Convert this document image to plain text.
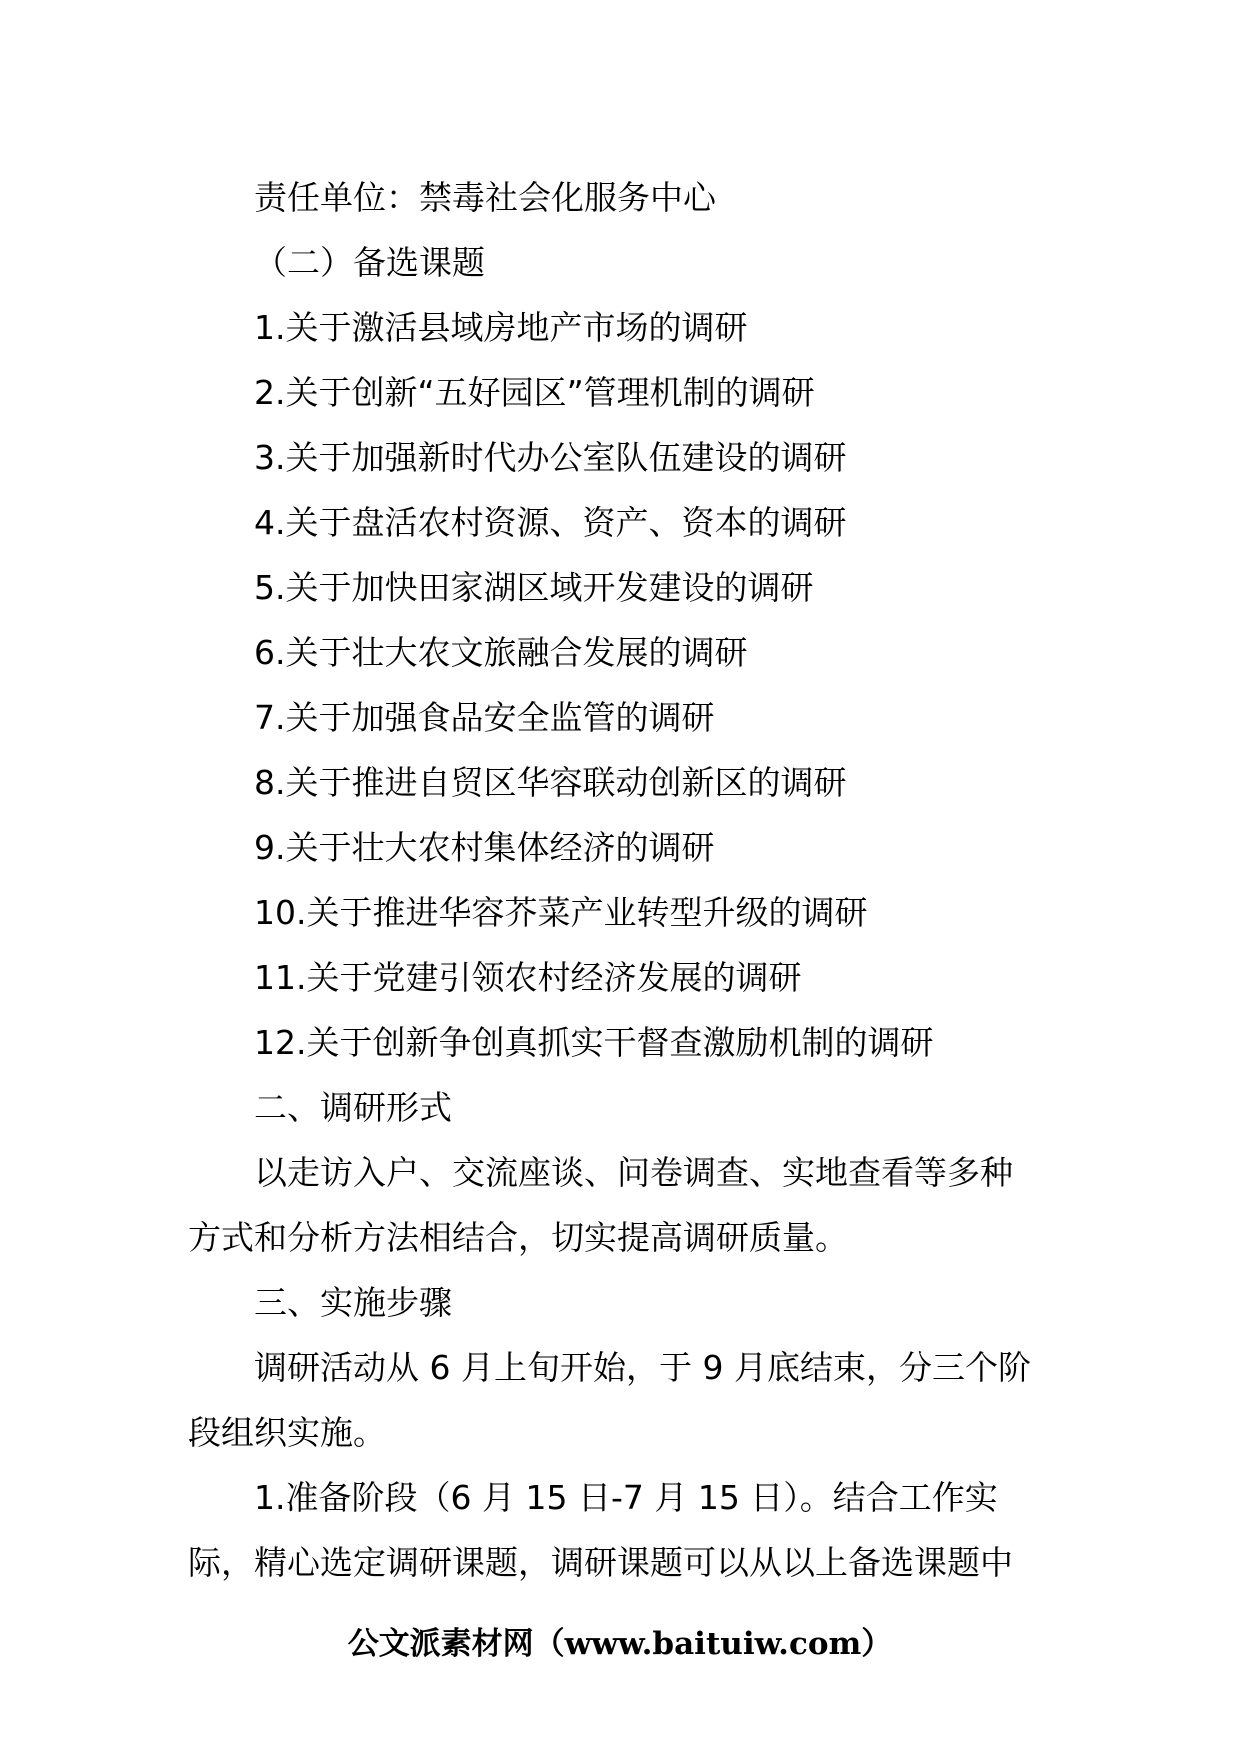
责任单位：禁毒社会化服务中心

（二）备选课题

1.关于激活县域房地产市场的调研

2.关于创新“五好园区”管理机制的调研

3.关于加强新时代办公室队伍建设的调研

4.关于盘活农村资源、资产、资本的调研

5.关于加快田家湖区域开发建设的调研

6.关于壮大农文旅融合发展的调研

7.关于加强食品安全监管的调研

8.关于推进自贸区华容联动创新区的调研

9.关于壮大农村集体经济的调研

10.关于推进华容芥菜产业转型升级的调研

11.关于党建引领农村经济发展的调研

12.关于创新争创真抓实干督查激励机制的调研

二、调研形式

以走访入户、交流座谈、问卷调查、实地查看等多种

方式和分析方法相结合，切实提高调研质量。

三、实施步骤

调研活动从 6 月上旬开始，于 9 月底结束，分三个阶

段组织实施。

1.准备阶段（6 月 15 日-7 月 15 日）。结合工作实

际，精心选定调研课题，调研课题可以从以上备选课题中

公文派素材网（www.baituiw.com）
